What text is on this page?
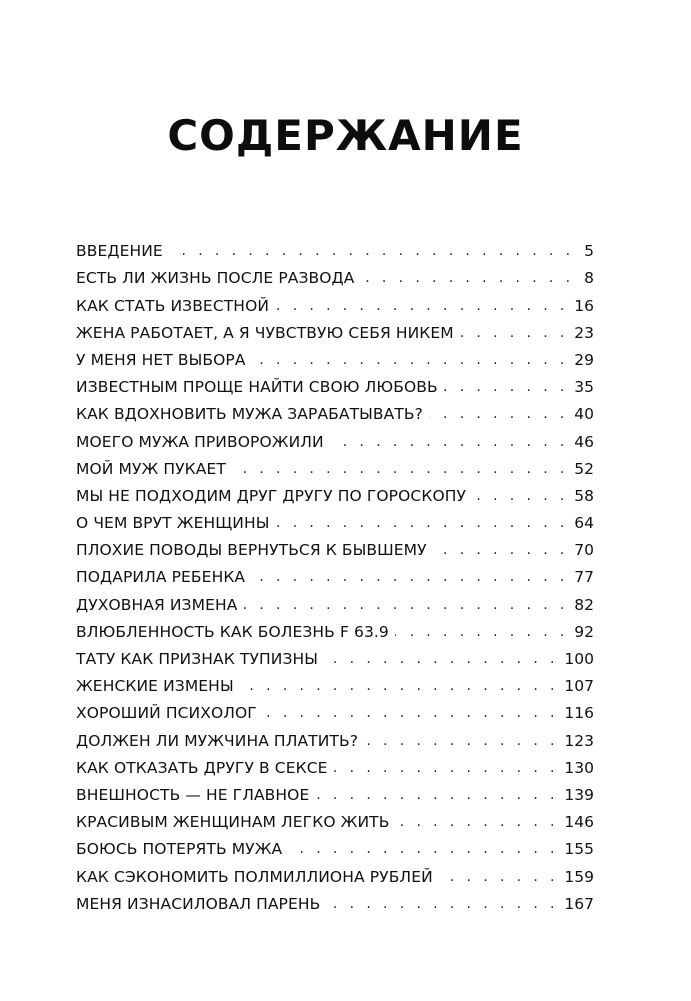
СОДЕРЖАНИЕ
ВВЕДЕНИЕ . . .	5
ЕСТЬ ЛИ ЖИЗНЬ ПОСЛЕ РАЗВОДА . . .	8
КАК СТАТЬ ИЗВЕСТНОЙ . . .	16
ЖЕНА РАБОТАЕТ, А Я ЧУВСТВУЮ СЕБЯ НИКЕМ . . .	23
У МЕНЯ НЕТ ВЫБОРА . . .	29
ИЗВЕСТНЫМ ПРОЩЕ НАЙТИ СВОЮ ЛЮБОВЬ . . .	35
КАК ВДОХНОВИТЬ МУЖА ЗАРАБАТЫВАТЬ? . . .	40
МОЕГО МУЖА ПРИВОРОЖИЛИ . . .	46
МОЙ МУЖ ПУКАЕТ . . .	52
МЫ НЕ ПОДХОДИМ ДРУГ ДРУГУ ПО ГОРОСКОПУ . . .	58
О ЧЕМ ВРУТ ЖЕНЩИНЫ . . .	64
ПЛОХИЕ ПОВОДЫ ВЕРНУТЬСЯ К БЫВШЕМУ . . .	70
ПОДАРИЛА РЕБЕНКА . . .	77
ДУХОВНАЯ ИЗМЕНА . . .	82
ВЛЮБЛЕННОСТЬ КАК БОЛЕЗНЬ F 63.9 . . .	92
ТАТУ КАК ПРИЗНАК ТУПИЗНЫ . . .	100
ЖЕНСКИЕ ИЗМЕНЫ . . .	107
ХОРОШИЙ ПСИХОЛОГ . . .	116
ДОЛЖЕН ЛИ МУЖЧИНА ПЛАТИТЬ? . . .	123
КАК ОТКАЗАТЬ ДРУГУ В СЕКСЕ . . .	130
ВНЕШНОСТЬ — НЕ ГЛАВНОЕ . . .	139
КРАСИВЫМ ЖЕНЩИНАМ ЛЕГКО ЖИТЬ . . .	146
БОЮСЬ ПОТЕРЯТЬ МУЖА . . .	155
КАК СЭКОНОМИТЬ ПОЛМИЛЛИОНА РУБЛЕЙ . . .	159
МЕНЯ ИЗНАСИЛОВАЛ ПАРЕНЬ . . .	167
